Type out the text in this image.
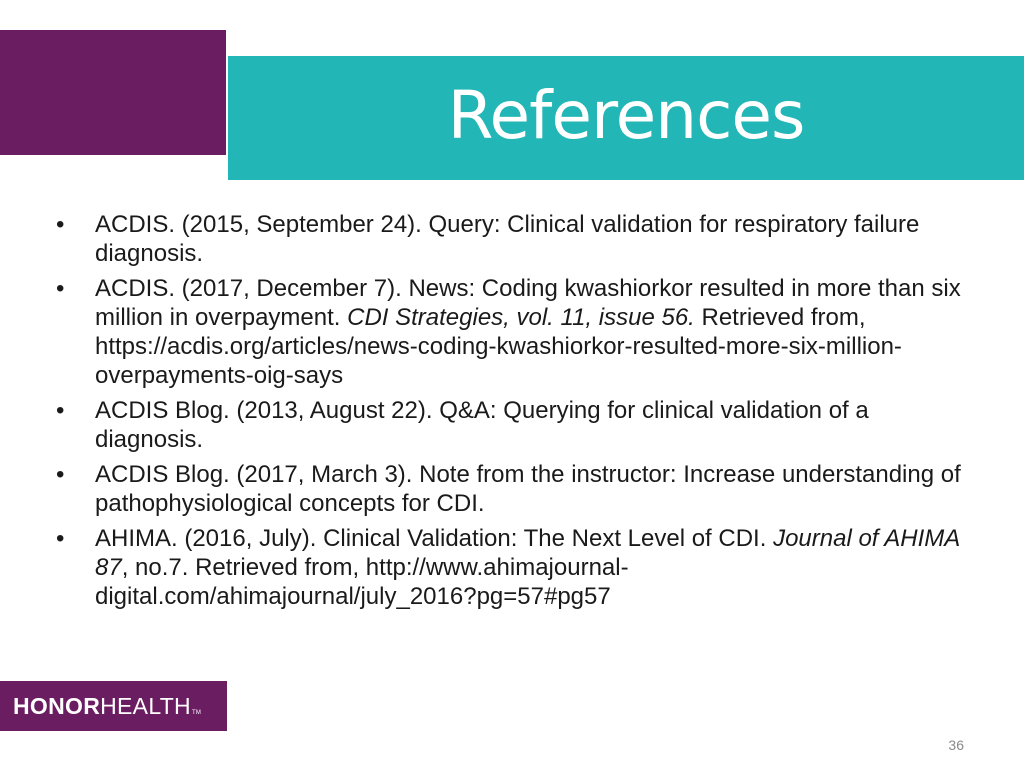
References
•	ACDIS. (2015, September 24). Query: Clinical validation for respiratory failure diagnosis.
•	ACDIS. (2017, December 7). News: Coding kwashiorkor resulted in more than six million in overpayment. CDI Strategies, vol. 11, issue 56. Retrieved from, https://acdis.org/articles/news-coding-kwashiorkor-resulted-more-six-million-overpayments-oig-says
•	ACDIS Blog. (2013, August 22). Q&A: Querying for clinical validation of a diagnosis.
•	ACDIS Blog. (2017, March 3). Note from the instructor: Increase understanding of pathophysiological concepts for CDI.
•	AHIMA. (2016, July). Clinical Validation: The Next Level of CDI. Journal of AHIMA 87, no.7. Retrieved from, http://www.ahimajournal-digital.com/ahimajournal/july_2016?pg=57#pg57
HONORHEALTHTM
36
